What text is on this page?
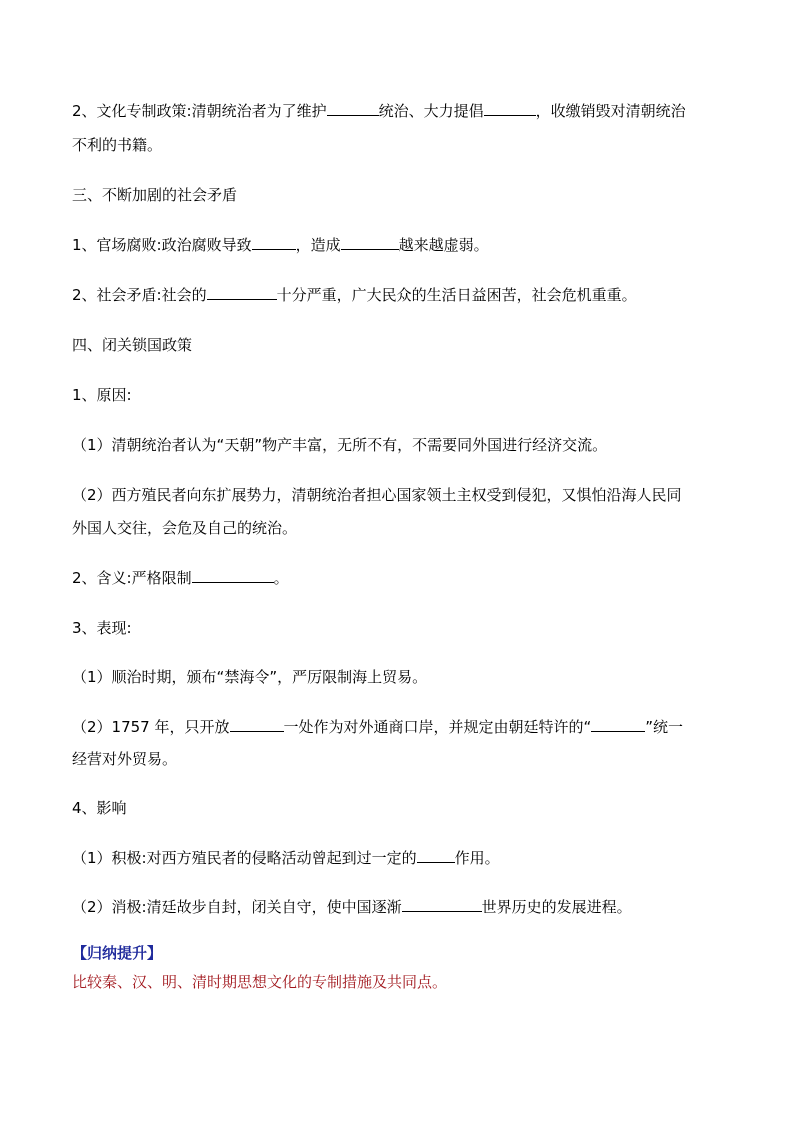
2、文化专制政策:清朝统治者为了维护	统治、大力提倡	，收缴销毁对清朝统治
不利的书籍。
三、不断加剧的社会矛盾
1、官场腐败:政治腐败导致	，造成	越来越虚弱。
2、社会矛盾:社会的	十分严重，广大民众的生活日益困苦，社会危机重重。
四、闭关锁国政策
1、原因:
（1）清朝统治者认为“天朝”物产丰富，无所不有，不需要同外国进行经济交流。
（2）西方殖民者向东扩展势力，清朝统治者担心国家领土主权受到侵犯，又惧怕沿海人民同
外国人交往，会危及自己的统治。
2、含义:严格限制	。
3、表现:
（1）顺治时期，颁布“禁海令”，严厉限制海上贸易。
（2）1757 年，只开放	一处作为对外通商口岸，并规定由朝廷特许的“	”统一
经营对外贸易。
4、影响
（1）积极:对西方殖民者的侵略活动曾起到过一定的	作用。
（2）消极:清廷故步自封，闭关自守，使中国逐渐	世界历史的发展进程。
【归纳提升】
比较秦、汉、明、清时期思想文化的专制措施及共同点。
